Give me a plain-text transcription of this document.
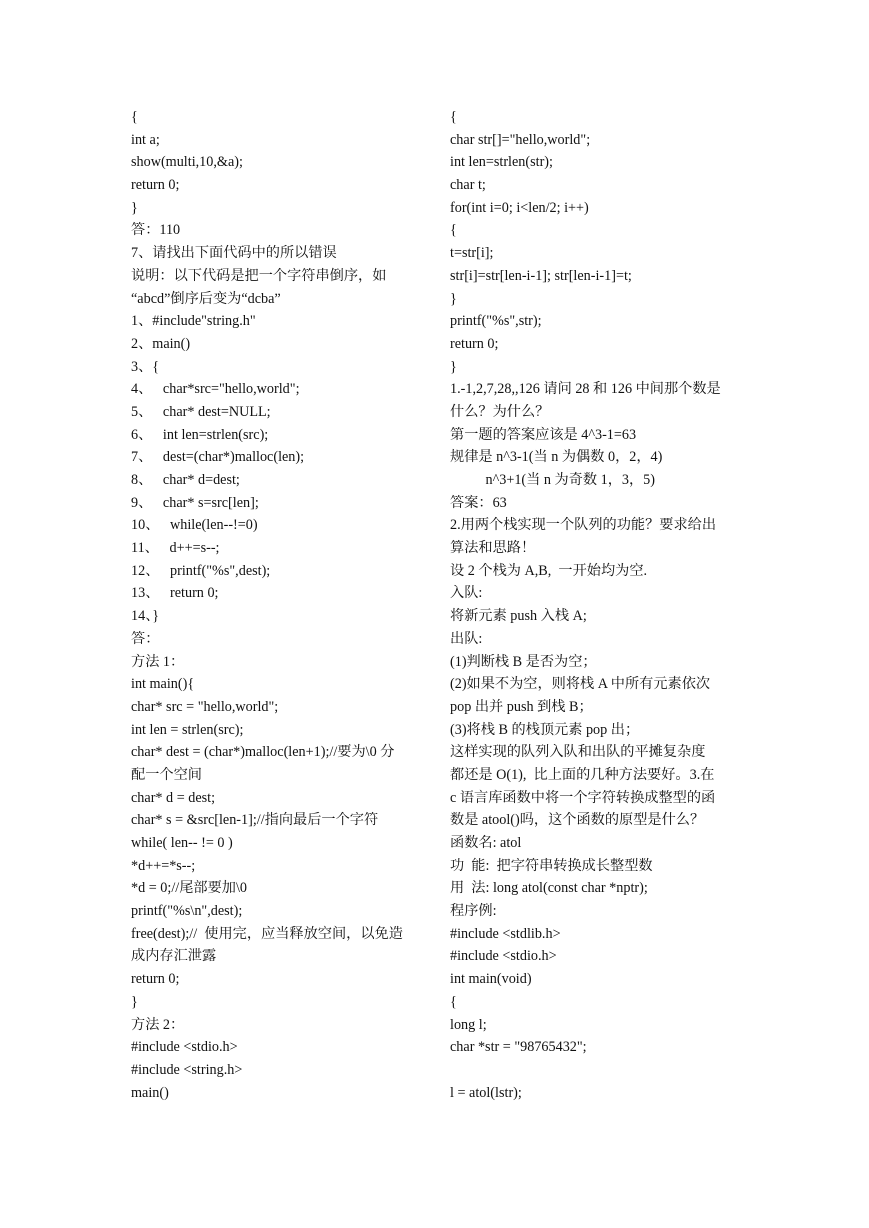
{
int a;
show(multi,10,&a);
return 0;
}
答：110
7、请找出下面代码中的所以错误
说明：以下代码是把一个字符串倒序，如
“abcd”倒序后变为“dcba”
1、#include"string.h"
2、main()
3、{
4、   char*src="hello,world";
5、   char* dest=NULL;
6、   int len=strlen(src);
7、   dest=(char*)malloc(len);
8、   char* d=dest;
9、   char* s=src[len];
10、   while(len--!=0)
11、   d++=s--;
12、   printf("%s",dest);
13、   return 0;
14、}
答：
方法 1：
int main(){
char* src = "hello,world";
int len = strlen(src);
char* dest = (char*)malloc(len+1);//要为\0 分
配一个空间
char* d = dest;
char* s = &src[len-1];//指向最后一个字符
while( len-- != 0 )
*d++=*s--;
*d = 0;//尾部要加\0
printf("%s\n",dest);
free(dest);//  使用完，应当释放空间，以免造
成内存汇泄露
return 0;
}
方法 2：
#include <stdio.h>
#include <string.h>
main()
{
char str[]="hello,world";
int len=strlen(str);
char t;
for(int i=0; i<len/2; i++)
{
t=str[i];
str[i]=str[len-i-1]; str[len-i-1]=t;
}
printf("%s",str);
return 0;
}
1.-1,2,7,28,,126 请问 28 和 126 中间那个数是
什么？为什么？
第一题的答案应该是 4^3-1=63
规律是 n^3-1(当 n 为偶数 0，2，4)
n^3+1(当 n 为奇数 1，3，5)
答案：63
2.用两个栈实现一个队列的功能？要求给出
算法和思路！
设 2 个栈为 A,B,  一开始均为空.
入队:
将新元素 push 入栈 A;
出队:
(1)判断栈 B 是否为空；
(2)如果不为空，则将栈 A 中所有元素依次
pop 出并 push 到栈 B；
(3)将栈 B 的栈顶元素 pop 出；
这样实现的队列入队和出队的平摊复杂度
都还是 O(1),  比上面的几种方法要好。3.在
c 语言库函数中将一个字符转换成整型的函
数是 atool()吗，这个函数的原型是什么？
函数名: atol
功  能:  把字符串转换成长整型数
用  法: long atol(const char *nptr);
程序例:
#include <stdlib.h>
#include <stdio.h>
int main(void)
{
long l;
char *str = "98765432";
l = atol(lstr);
